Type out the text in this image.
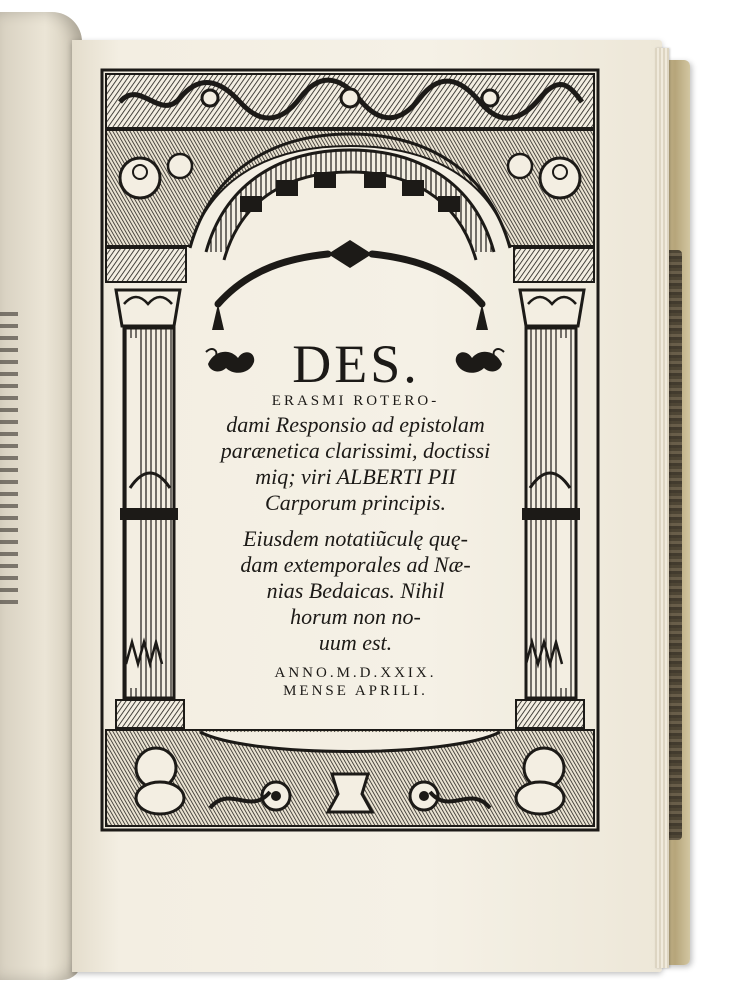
DES.
ERASMI ROTERO-
dami Responsio ad epistolam
parænetica clarissimi, doctissi
miq; viri ALBERTI PII
Carporum principis.
Eiusdem notatiũculę quę-
dam extemporales ad Næ-
nias Bedaicas. Nihil
horum non no-
uum est.
ANNO.M.D.XXIX.
MENSE APRILI.
